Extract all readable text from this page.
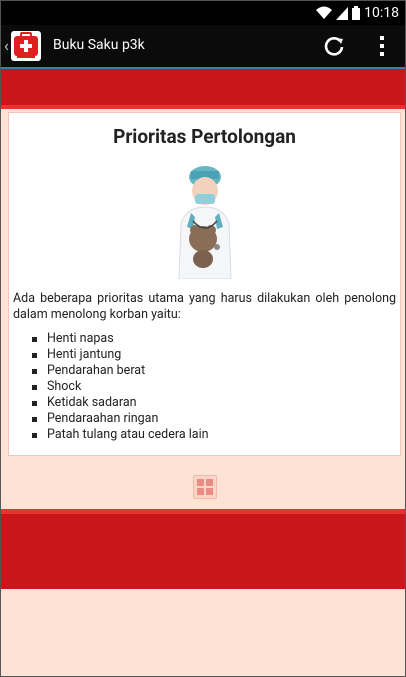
10:18
‹	Buku Saku p3k
Prioritas Pertolongan

Ada beberapa prioritas utama yang harus dilakukan oleh penolong dalam menolong korban yaitu:

Henti napas
Henti jantung
Pendarahan berat
Shock
Ketidak sadaran
Pendaraahan ringan
Patah tulang atau cedera lain
